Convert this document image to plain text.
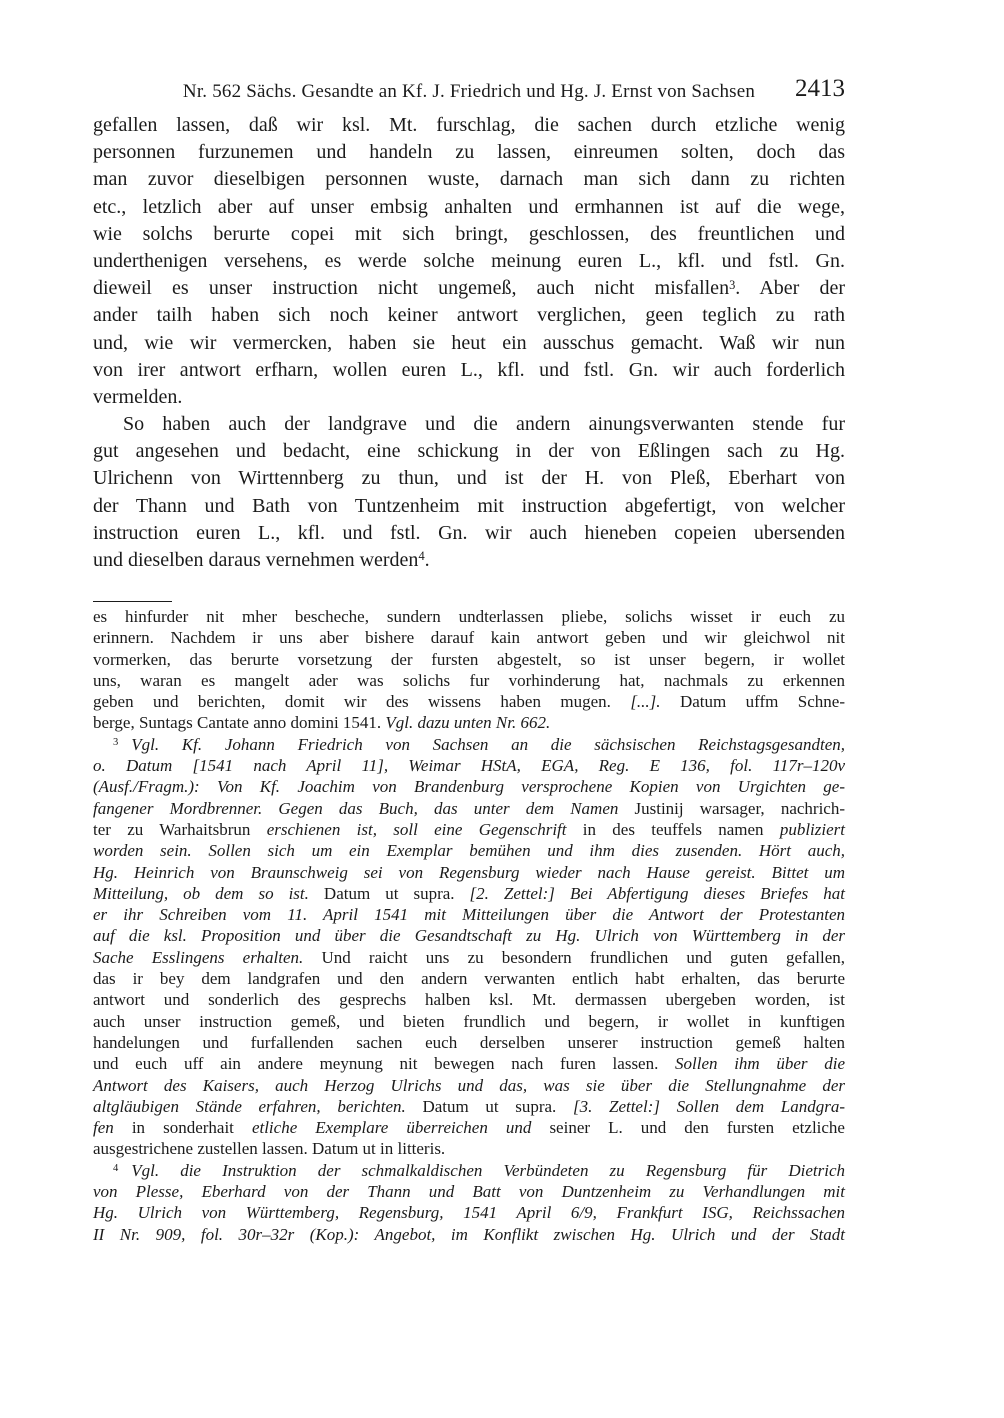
Nr. 562 Sächs. Gesandte an Kf. J. Friedrich und Hg. J. Ernst von Sachsen	2413
gefallen lassen, daß wir ksl. Mt. furschlag, die sachen durch etzliche wenig
personnen furzunemen und handeln zu lassen, einreumen solten, doch das
man zuvor dieselbigen personnen wuste, darnach man sich dann zu richten
etc., letzlich aber auf unser embsig anhalten und ermhannen ist auf die wege,
wie solchs berurte copei mit sich bringt, geschlossen, des freuntlichen und
underthenigen versehens, es werde solche meinung euren L., kfl. und fstl. Gn.
dieweil es unser instruction nicht ungemeß, auch nicht misfallen$^3$. Aber der
ander tailh haben sich noch keiner antwort verglichen, geen teglich zu rath
und, wie wir vermercken, haben sie heut ein ausschus gemacht. Waß wir nun
von irer antwort erfharn, wollen euren L., kfl. und fstl. Gn. wir auch forderlich
vermelden.
So haben auch der landgrave und die andern ainungsverwanten stende fur
gut angesehen und bedacht, eine schickung in der von Eßlingen sach zu Hg.
Ulrichenn von Wirttennberg zu thun, und ist der H. von Pleß, Eberhart von
der Thann und Bath von Tuntzenheim mit instruction abgefertigt, von welcher
instruction euren L., kfl. und fstl. Gn. wir auch hieneben copeien ubersenden
und dieselben daraus vernehmen werden$^4$.
es hinfurder nit mher bescheche, sundern undterlassen pliebe, solichs wisset ir euch zu
erinnern. Nachdem ir uns aber bishere darauf kain antwort geben und wir gleichwol nit
vormerken, das berurte vorsetzung der fursten abgestelt, so ist unser begern, ir wollet
uns, waran es mangelt ader was solichs fur vorhinderung hat, nachmals zu erkennen
geben und berichten, domit wir des wissens haben mugen. [...]. Datum uffm Schne-
berge, Suntags Cantate anno domini 1541. Vgl. dazu unten Nr. 662.
$^3$ Vgl. Kf. Johann Friedrich von Sachsen an die sächsischen Reichstagsgesandten,
o. Datum [1541 nach April 11], Weimar HStA, EGA, Reg. E 136, fol. 117r–120v
(Ausf./Fragm.): Von Kf. Joachim von Brandenburg versprochene Kopien von Urgichten ge-
fangener Mordbrenner. Gegen das Buch, das unter dem Namen Justinij warsager, nachrich-
ter zu Warhaitsbrun erschienen ist, soll eine Gegenschrift in des teuffels namen publiziert
worden sein. Sollen sich um ein Exemplar bemühen und ihm dies zusenden. Hört auch,
Hg. Heinrich von Braunschweig sei von Regensburg wieder nach Hause gereist. Bittet um
Mitteilung, ob dem so ist. Datum ut supra. [2. Zettel:] Bei Abfertigung dieses Briefes hat
er ihr Schreiben vom 11. April 1541 mit Mitteilungen über die Antwort der Protestanten
auf die ksl. Proposition und über die Gesandtschaft zu Hg. Ulrich von Württemberg in der
Sache Esslingens erhalten. Und raicht uns zu besondern frundlichen und guten gefallen,
das ir bey dem landgrafen und den andern verwanten entlich habt erhalten, das berurte
antwort und sonderlich des gesprechs halben ksl. Mt. dermassen ubergeben worden, ist
auch unser instruction gemeß, und bieten frundlich und begern, ir wollet in kunftigen
handelungen und furfallenden sachen euch derselben unserer instruction gemeß halten
und euch uff ain andere meynung nit bewegen nach furen lassen. Sollen ihm über die
Antwort des Kaisers, auch Herzog Ulrichs und das, was sie über die Stellungnahme der
altgläubigen Stände erfahren, berichten. Datum ut supra. [3. Zettel:] Sollen dem Landgra-
fen in sonderhait etliche Exemplare überreichen und seiner L. und den fursten etzliche
ausgestrichene zustellen lassen. Datum ut in litteris.
$^4$ Vgl. die Instruktion der schmalkaldischen Verbündeten zu Regensburg für Dietrich
von Plesse, Eberhard von der Thann und Batt von Duntzenheim zu Verhandlungen mit
Hg. Ulrich von Württemberg, Regensburg, 1541 April 6/9, Frankfurt ISG, Reichssachen
II Nr. 909, fol. 30r–32r (Kop.): Angebot, im Konflikt zwischen Hg. Ulrich und der Stadt
